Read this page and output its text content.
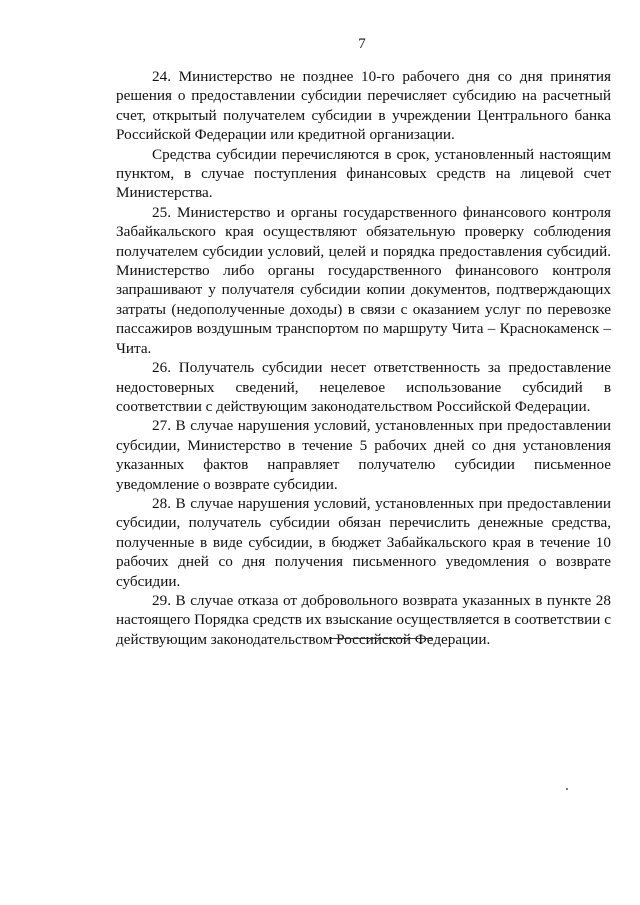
7

24. Министерство не позднее 10-го рабочего дня со дня принятия решения о предоставлении субсидии перечисляет субсидию на расчетный счет, открытый получателем субсидии в учреждении Центрального банка Российской Федерации или кредитной организации.

Средства субсидии перечисляются в срок, установленный настоящим пунктом, в случае поступления финансовых средств на лицевой счет Министерства.

25. Министерство и органы государственного финансового контроля Забайкальского края осуществляют обязательную проверку соблюдения получателем субсидии условий, целей и порядка предоставления субсидий. Министерство либо органы государственного финансового контроля запрашивают у получателя субсидии копии документов, подтверждающих затраты (недополученные доходы) в связи с оказанием услуг по перевозке пассажиров воздушным транспортом по маршруту Чита – Краснокаменск – Чита.

26. Получатель субсидии несет ответственность за предоставление недостоверных сведений, нецелевое использование субсидий в соответствии с действующим законодательством Российской Федерации.

27. В случае нарушения условий, установленных при предоставлении субсидии, Министерство в течение 5 рабочих дней со дня установления указанных фактов направляет получателю субсидии письменное уведомление о возврате субсидии.

28. В случае нарушения условий, установленных при предоставлении субсидии, получатель субсидии обязан перечислить денежные средства, полученные в виде субсидии, в бюджет Забайкальского края в течение 10 рабочих дней со дня получения письменного уведомления о возврате субсидии.

29. В случае отказа от добровольного возврата указанных в пункте 28 настоящего Порядка средств их взыскание осуществляется в соответствии с действующим законодательством Российской Федерации.
